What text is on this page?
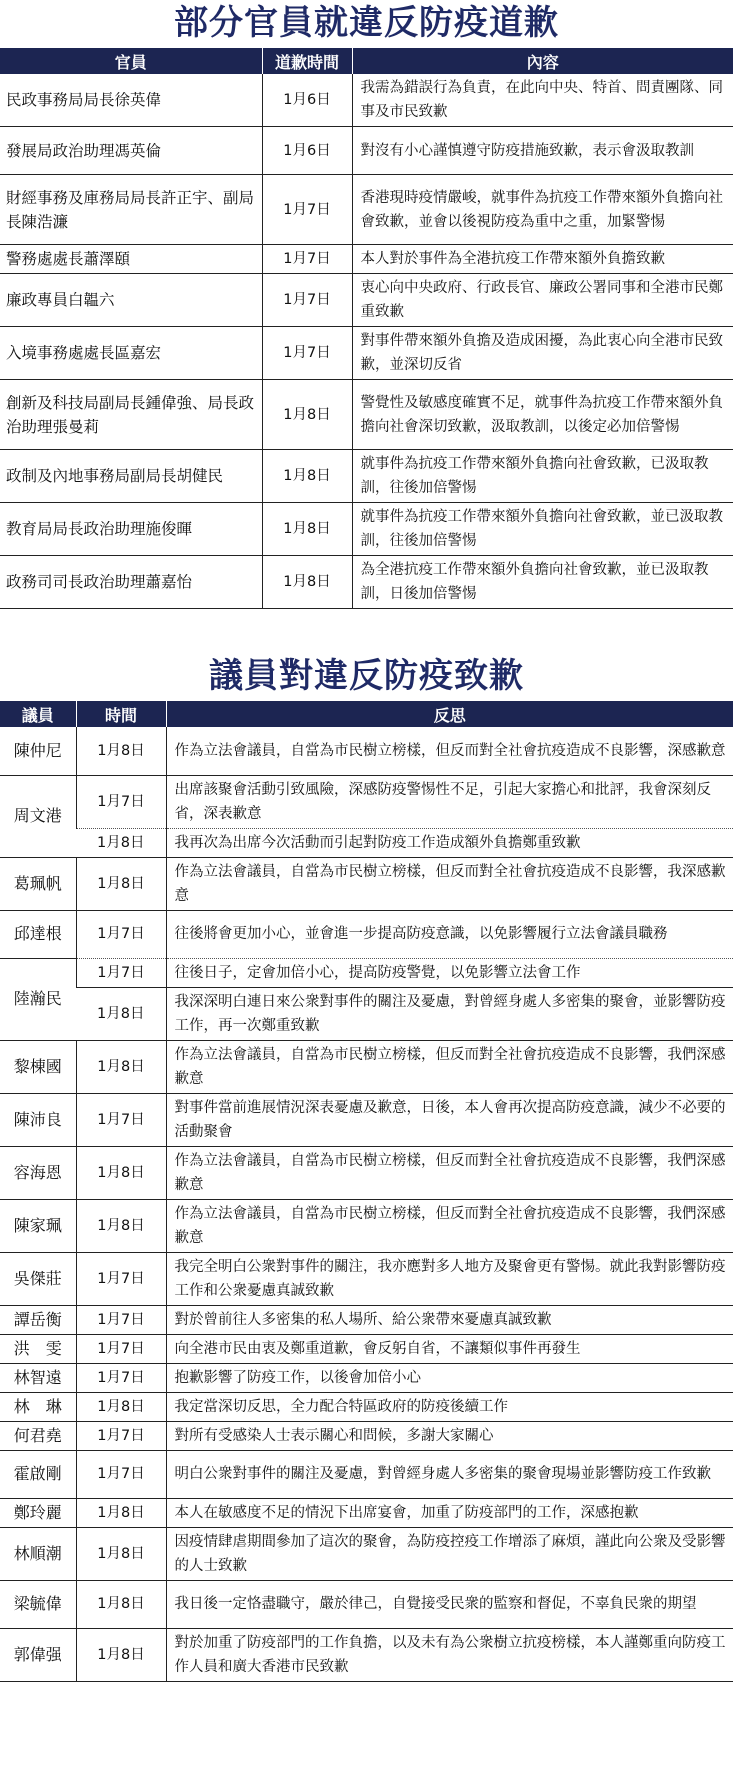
部分官員就違反防疫道歉
官員	道歉時間	內容
民政事務局局長徐英偉	1月6日	我需為錯誤行為負責，在此向中央、特首、問責團隊、同事及市民致歉
發展局政治助理馮英倫	1月6日	對沒有小心謹慎遵守防疫措施致歉，表示會汲取教訓
財經事務及庫務局局長許正宇、副局長陳浩濂	1月7日	香港現時疫情嚴峻，就事件為抗疫工作帶來額外負擔向社會致歉，並會以後視防疫為重中之重，加緊警惕
警務處處長蕭澤頤	1月7日	本人對於事件為全港抗疫工作帶來額外負擔致歉
廉政專員白韞六	1月7日	衷心向中央政府、行政長官、廉政公署同事和全港市民鄭重致歉
入境事務處處長區嘉宏	1月7日	對事件帶來額外負擔及造成困擾，為此衷心向全港市民致歉，並深切反省
創新及科技局副局長鍾偉強、局長政治助理張曼莉	1月8日	警覺性及敏感度確實不足，就事件為抗疫工作帶來額外負擔向社會深切致歉，汲取教訓，以後定必加倍警惕
政制及內地事務局副局長胡健民	1月8日	就事件為抗疫工作帶來額外負擔向社會致歉，已汲取教訓，往後加倍警惕
教育局局長政治助理施俊暉	1月8日	就事件為抗疫工作帶來額外負擔向社會致歉，並已汲取教訓，往後加倍警惕
政務司司長政治助理蕭嘉怡	1月8日	為全港抗疫工作帶來額外負擔向社會致歉，並已汲取教訓，日後加倍警惕
議員對違反防疫致歉
議員	時間	反思
陳仲尼	1月8日	作為立法會議員，自當為市民樹立榜樣，但反而對全社會抗疫造成不良影響，深感歉意
周文港	1月7日	出席該聚會活動引致風險，深感防疫警惕性不足，引起大家擔心和批評，我會深刻反省，深表歉意
	1月8日	我再次為出席今次活動而引起對防疫工作造成額外負擔鄭重致歉
葛珮帆	1月8日	作為立法會議員，自當為市民樹立榜樣，但反而對全社會抗疫造成不良影響，我深感歉意
邱達根	1月7日	往後將會更加小心，並會進一步提高防疫意識，以免影響履行立法會議員職務
陸瀚民	1月7日	往後日子，定會加倍小心，提高防疫警覺，以免影響立法會工作
	1月8日	我深深明白連日來公衆對事件的關注及憂慮，對曾經身處人多密集的聚會，並影響防疫工作，再一次鄭重致歉
黎棟國	1月8日	作為立法會議員，自當為市民樹立榜樣，但反而對全社會抗疫造成不良影響，我們深感歉意
陳沛良	1月7日	對事件當前進展情況深表憂慮及歉意，日後，本人會再次提高防疫意識，減少不必要的活動聚會
容海恩	1月8日	作為立法會議員，自當為市民樹立榜樣，但反而對全社會抗疫造成不良影響，我們深感歉意
陳家珮	1月8日	作為立法會議員，自當為市民樹立榜樣，但反而對全社會抗疫造成不良影響，我們深感歉意
吳傑莊	1月7日	我完全明白公衆對事件的關注，我亦應對多人地方及聚會更有警惕。就此我對影響防疫工作和公衆憂慮真誠致歉
譚岳衡	1月7日	對於曾前往人多密集的私人場所、給公衆帶來憂慮真誠致歉
洪　雯	1月7日	向全港市民由衷及鄭重道歉，會反躬自省，不讓類似事件再發生
林智遠	1月7日	抱歉影響了防疫工作，以後會加倍小心
林　琳	1月8日	我定當深切反思，全力配合特區政府的防疫後續工作
何君堯	1月7日	對所有受感染人士表示關心和問候，多謝大家關心
霍啟剛	1月7日	明白公衆對事件的關注及憂慮，對曾經身處人多密集的聚會現場並影響防疫工作致歉
鄭玲麗	1月8日	本人在敏感度不足的情況下出席宴會，加重了防疫部門的工作，深感抱歉
林順潮	1月8日	因疫情肆虐期間參加了這次的聚會，為防疫控疫工作增添了麻煩，謹此向公衆及受影響的人士致歉
梁毓偉	1月8日	我日後一定恪盡職守，嚴於律己，自覺接受民衆的監察和督促，不辜負民衆的期望
郭偉强	1月8日	對於加重了防疫部門的工作負擔，以及未有為公衆樹立抗疫榜樣，本人謹鄭重向防疫工作人員和廣大香港市民致歉
